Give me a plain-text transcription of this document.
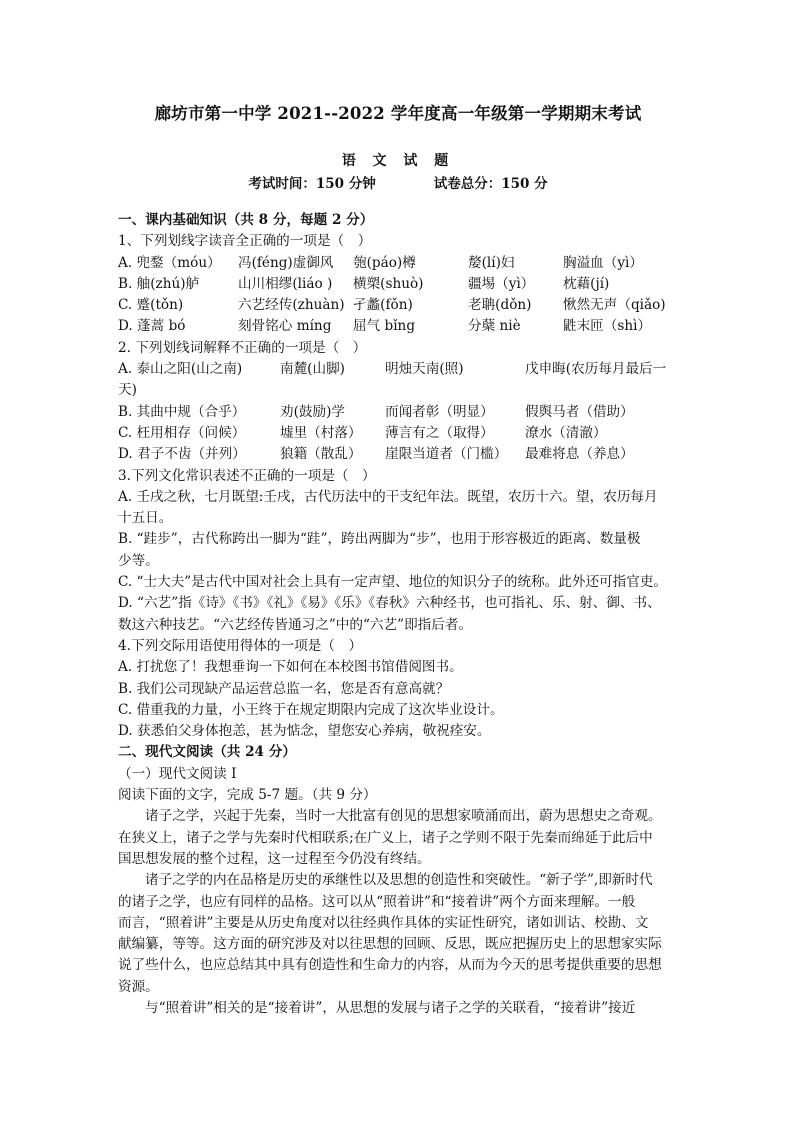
廊坊市第一中学 2021--2022 学年度高一年级第一学期期末考试
语 文 试 题
考试时间：150 分钟	试卷总分：150 分
一、课内基础知识（共 8 分，每题 2 分）
1、下列划线字读音全正确的一项是（　）
A. 兜鍪（móu） 冯(féng)虚御风 匏(páo)樽	嫠(lí)妇	胸溢血（yì）
B. 舳(zhú)舻	山川相缪(liáo ) 横槊(shuò)	疆埸（yì） 枕藉(jí)
C. 蹙(tǒn)	六艺经传(zhuàn) 孑蠡(fǒn)	老聃(dǒn) 愀然无声（qiǎo)
D. 蓬蒿 bó	刻骨铭心 míng 屈气 bǐng	分蘖 niè	鼪末匝（shì）
2. 下列划线词解释不正确的一项是（　）
A. 泰山之阳(山之南)	南麓(山脚)	明烛天南(照)	戊申晦(农历每月最后一
天)
B. 其曲中规（合乎）	劝(鼓励)学	而闻者彰（明显） 假舆马者（借助）
C. 枉用相存（问候）	墟里（村落） 薄言有之（取得） 潦水（清澈）
D. 君子不齿（并列）	狼籍（散乱） 崖限当道者（门槛） 最难将息（养息）
3.下列文化常识表述不正确的一项是（　）
A. 壬戌之秋，七月既望:壬戌，古代历法中的干支纪年法。既望，农历十六。望，农历每月
十五日。
B. “跬步”，古代称跨出一脚为“跬”，跨出两脚为“步”，也用于形容极近的距离、数量极
少等。
C. “士大夫”是古代中国对社会上具有一定声望、地位的知识分子的统称。此外还可指官吏。
D. “六艺”指《诗》《书》《礼》《易》《乐》《春秋》六种经书，也可指礼、乐、射、御、书、
数这六种技艺。“六艺经传皆通习之”中的“六艺”即指后者。
4.下列交际用语使用得体的一项是（　）
A. 打扰您了！我想垂询一下如何在本校图书馆借阅图书。
B. 我们公司现缺产品运营总监一名，您是否有意高就？
C. 借重我的力量，小王终于在规定期限内完成了这次毕业设计。
D. 获悉伯父身体抱恙，甚为惦念，望您安心养病，敬祝痊安。
二、现代文阅读（共 24 分）
（一）现代文阅读 I
阅读下面的文字，完成 5-7 题。（共 9 分）
诸子之学，兴起于先秦，当时一大批富有创见的思想家喷涌而出，蔚为思想史之奇观。
在狭义上，诸子之学与先秦时代相联系;在广义上，诸子之学则不限于先秦而绵延于此后中
国思想发展的整个过程，这一过程至今仍没有终结。
诸子之学的内在品格是历史的承继性以及思想的创造性和突破性。“新子学”,即新时代
的诸子之学，也应有同样的品格。这可以从“照着讲”和“接着讲”两个方面来理解。一般
而言，“照着讲”主要是从历史角度对以往经典作具体的实证性研究，诸如训诂、校勘、文
献编纂，等等。这方面的研究涉及对以往思想的回顾、反思，既应把握历史上的思想家实际
说了些什么，也应总结其中具有创造性和生命力的内容，从而为今天的思考提供重要的思想
资源。
与“照着讲”相关的是“接着讲”，从思想的发展与诸子之学的关联看，“接着讲”接近
